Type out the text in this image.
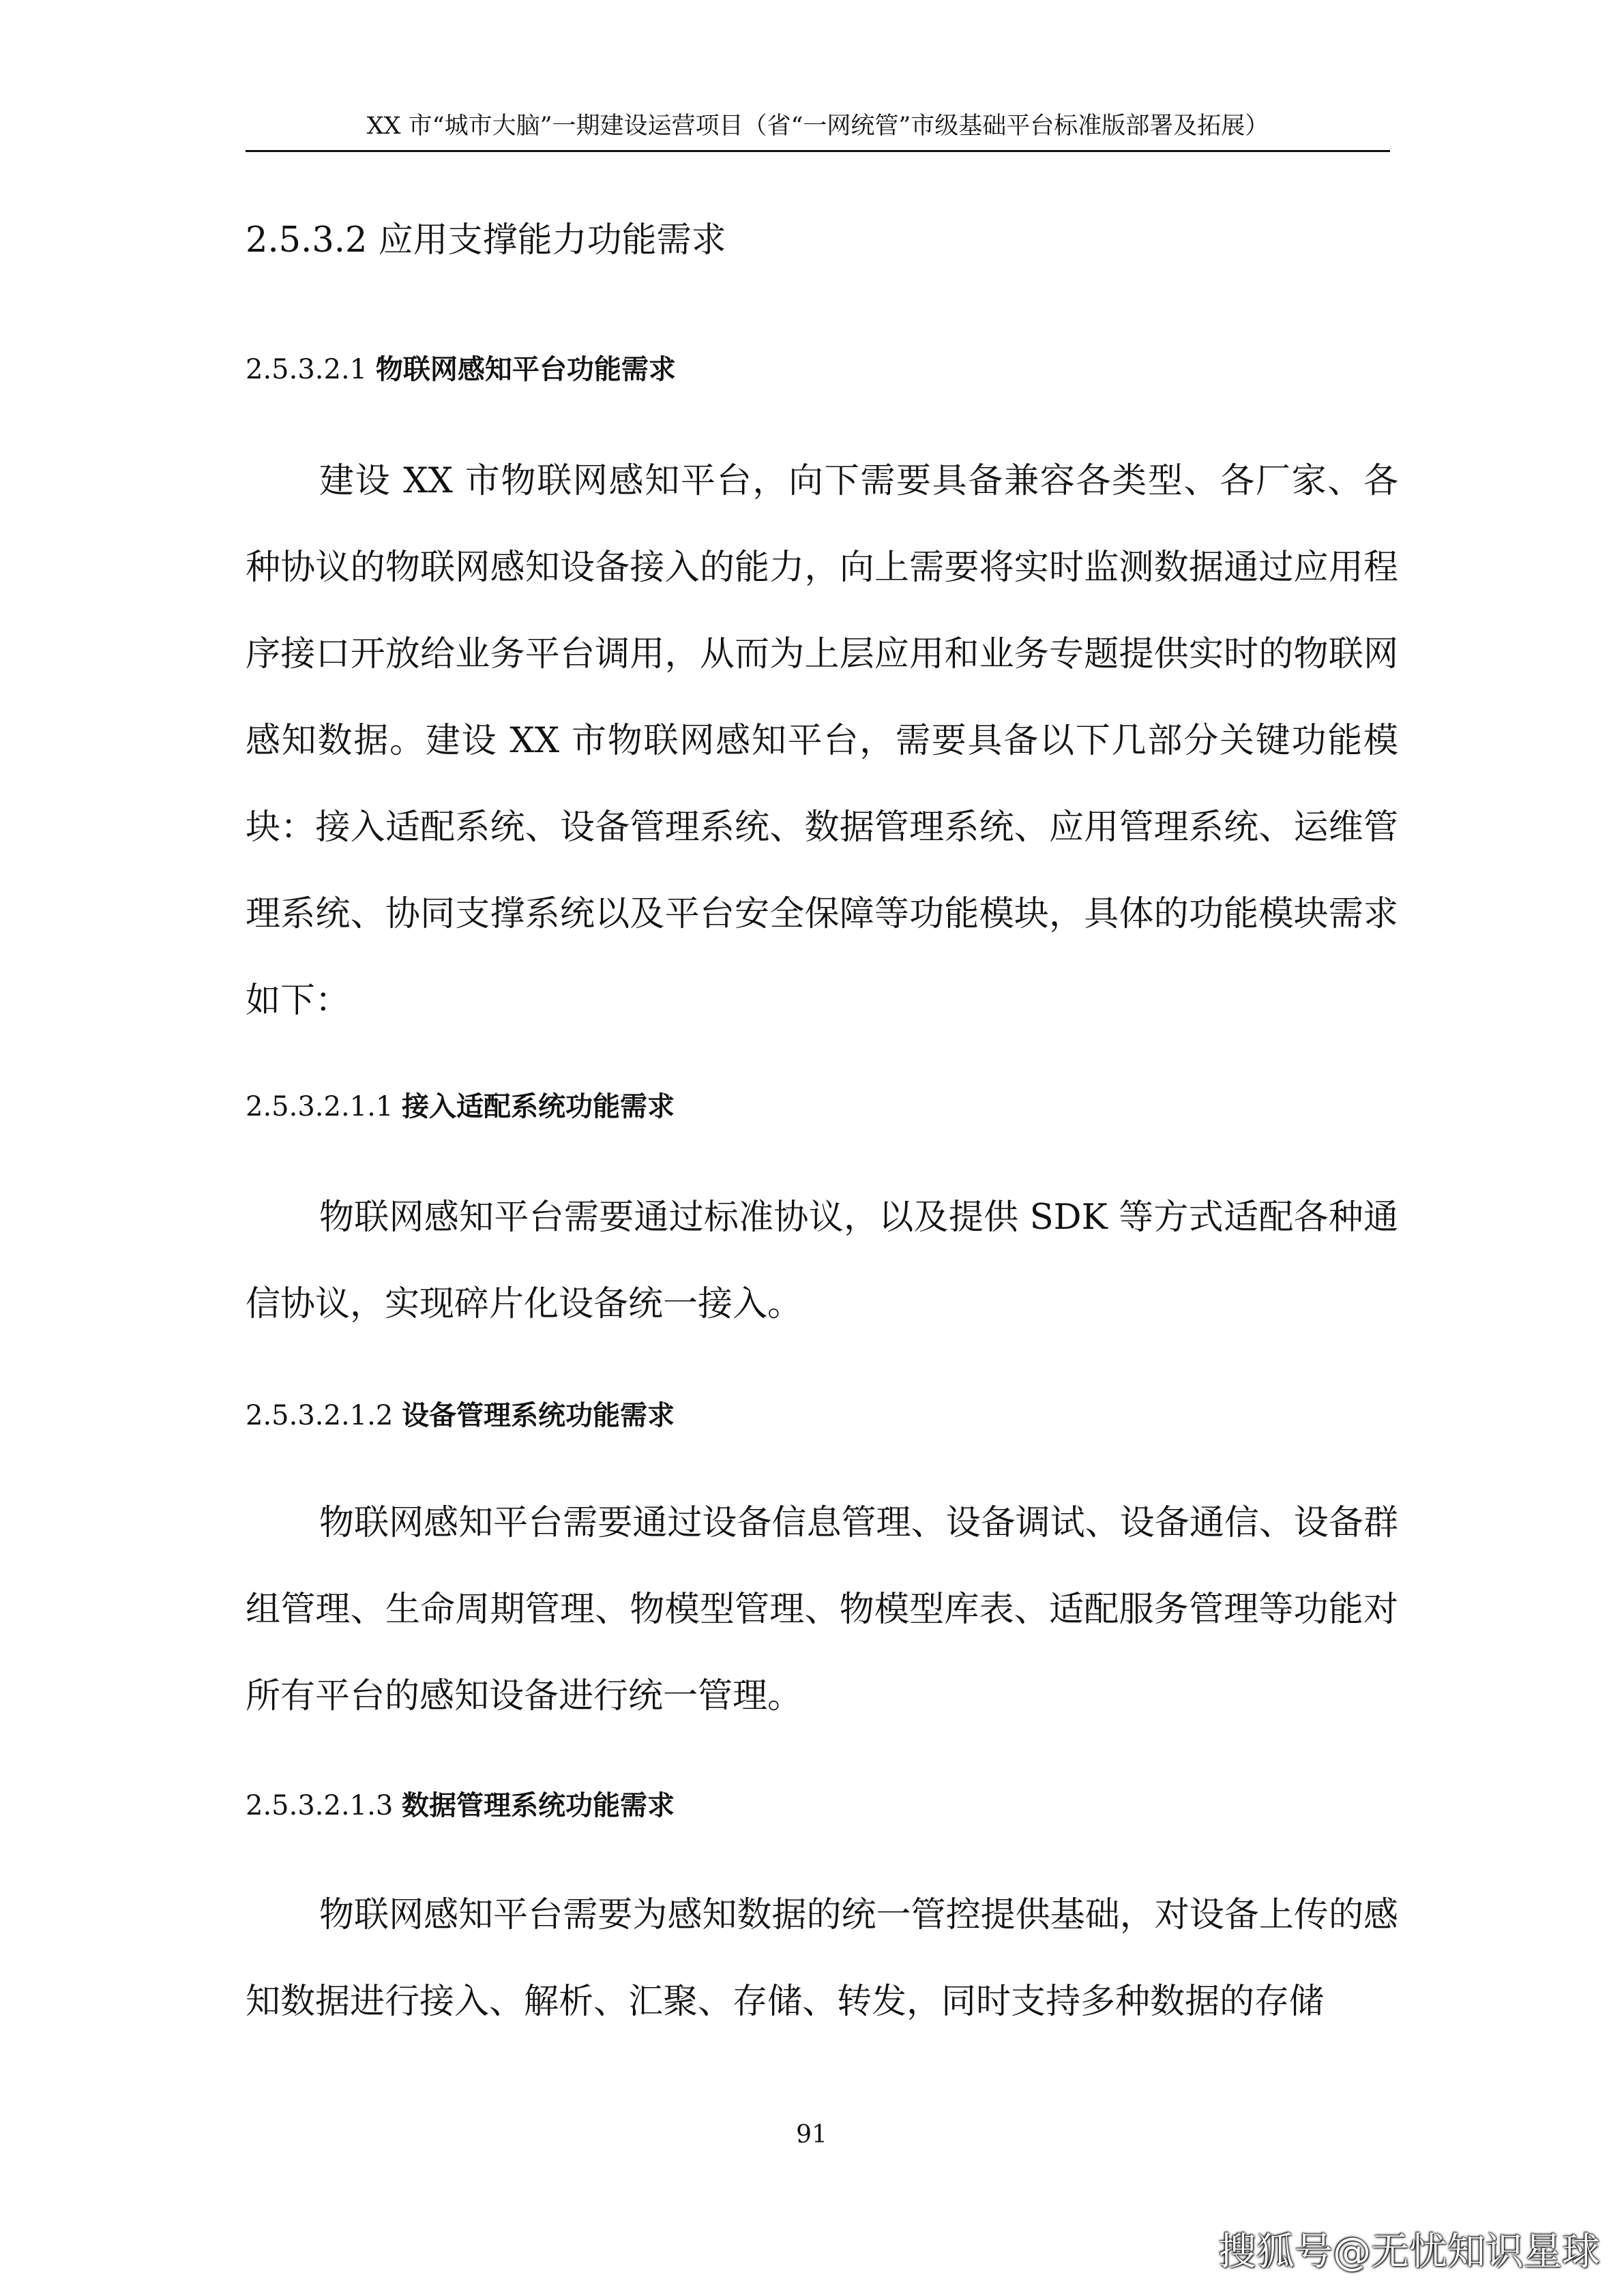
XX 市“城市大脑”一期建设运营项目（省“一网统管”市级基础平台标准版部署及拓展）
2.5.3.2 应用支撑能力功能需求
2.5.3.2.1 物联网感知平台功能需求

建设 XX 市物联网感知平台，向下需要具备兼容各类型、各厂家、各种协议的物联网感知设备接入的能力，向上需要将实时监测数据通过应用程序接口开放给业务平台调用，从而为上层应用和业务专题提供实时的物联网感知数据。建设 XX 市物联网感知平台，需要具备以下几部分关键功能模块：接入适配系统、设备管理系统、数据管理系统、应用管理系统、运维管理系统、协同支撑系统以及平台安全保障等功能模块，具体的功能模块需求如下：

2.5.3.2.1.1 接入适配系统功能需求

物联网感知平台需要通过标准协议，以及提供 SDK 等方式适配各种通信协议，实现碎片化设备统一接入。

2.5.3.2.1.2 设备管理系统功能需求

物联网感知平台需要通过设备信息管理、设备调试、设备通信、设备群组管理、生命周期管理、物模型管理、物模型库表、适配服务管理等功能对所有平台的感知设备进行统一管理。

2.5.3.2.1.3 数据管理系统功能需求

物联网感知平台需要为感知数据的统一管控提供基础，对设备上传的感知数据进行接入、解析、汇聚、存储、转发，同时支持多种数据的存储

91
搜狐号@无忧知识星球
